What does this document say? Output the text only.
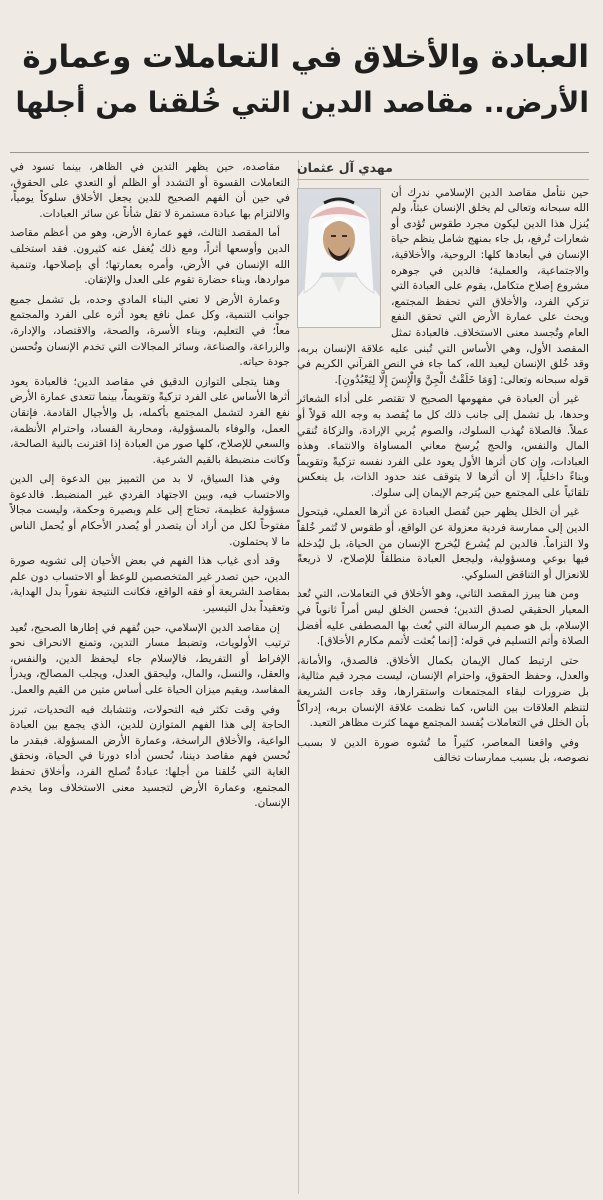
العبادة والأخلاق في التعاملات وعمارة
الأرض.. مقاصد الدين التي خُلقنا من أجلها
مهدي آل عثمان

حين نتأمل مقاصد الدين الإسلامي ندرك أن الله سبحانه وتعالى لم يخلق الإنسان عبثاً، ولم يُنزل هذا الدين ليكون مجرد طقوس تُؤدى أو شعارات تُرفع، بل جاء بمنهج شامل ينظم حياة الإنسان في أبعادها كلها: الروحية، والأخلاقية، والاجتماعية، والعملية؛ فالدين في جوهره مشروع إصلاح متكامل، يقوم على العبادة التي تزكي الفرد، والأخلاق التي تحفظ المجتمع، ويحث على عمارة الأرض التي تحقق النفع العام وتُجسد معنى الاستخلاف. فالعبادة تمثل المقصد الأول، وهي الأساس التي تُبنى عليه علاقة الإنسان بربه، وقد خُلق الإنسان ليعبد الله، كما جاء في النص القرآني الكريم في قوله سبحانه وتعالى: [وَمَا خَلَقْتُ الْجِنَّ وَالْإِنسَ إِلَّا لِيَعْبُدُونِ].

غير أن العبادة في مفهومها الصحيح لا تقتصر على أداء الشعائر وحدها، بل تشمل إلى جانب ذلك كل ما يُقصد به وجه الله قولاً أو عملاً. فالصلاة تُهذب السلوك، والصوم يُربي الإرادة، والزكاة تُنقي المال والنفس، والحج يُرسخ معاني المساواة والانتماء. وهذه العبادات، وإن كان أثرها الأول يعود على الفرد نفسه تزكيةً وتقويماً وبناءً داخلياً، إلا أن أثرها لا يتوقف عند حدود الذات، بل ينعكس تلقائياً على المجتمع حين يُترجم الإيمان إلى سلوك.

غير أن الخلل يظهر حين تُفصل العبادة عن أثرها العملي، فيتحول الدين إلى ممارسة فردية معزولة عن الواقع، أو طقوس لا تُثمر خُلقاً ولا التزاماً. فالدين لم يُشرع ليُخرج الإنسان من الحياة، بل ليُدخله فيها بوعي ومسؤولية، وليجعل العبادة منطلقاً للإصلاح، لا ذريعةً للانعزال أو التناقض السلوكي.

ومن هنا يبرز المقصد الثاني، وهو الأخلاق في التعاملات، التي تُعد المعيار الحقيقي لصدق التدين؛ فحسن الخلق ليس أمراً ثانوياً في الإسلام، بل هو صميم الرسالة التي بُعث بها المصطفى عليه أفضل الصلاة وأتم التسليم في قوله: [إنما بُعثت لأتمم مكارم الأخلاق].

حتى ارتبط كمال الإيمان بكمال الأخلاق. فالصدق، والأمانة، والعدل، وحفظ الحقوق، واحترام الإنسان، ليست مجرد قيم مثالية، بل ضرورات لبقاء المجتمعات واستقرارها، وقد جاءت الشريعة لتنظم العلاقات بين الناس، كما نظمت علاقة الإنسان بربه، إدراكاً بأن الخلل في التعاملات يُفسد المجتمع مهما كثرت مظاهر التعبد.

وفي واقعنا المعاصر، كثيراً ما تُشوه صورة الدين لا بسبب نصوصه، بل بسبب ممارسات تخالف

مقاصده، حين يظهر التدين في الظاهر، بينما تسود في التعاملات القسوة أو التشدد أو الظلم أو التعدي على الحقوق، في حين أن الفهم الصحيح للدين يجعل الأخلاق سلوكاً يومياً، والالتزام بها عبادة مستمرة لا تقل شأناً عن سائر العبادات.

أما المقصد الثالث، فهو عمارة الأرض، وهو من أعظم مقاصد الدين وأوسعها أثراً، ومع ذلك يُغفل عنه كثيرون. فقد استخلف الله الإنسان في الأرض، وأمره بعمارتها؛ أي بإصلاحها، وتنمية مواردها، وبناء حضارة تقوم على العدل والإتقان.

وعمارة الأرض لا تعني البناء المادي وحده، بل تشمل جميع جوانب التنمية، وكل عمل نافع يعود أثره على الفرد والمجتمع معاً؛ في التعليم، وبناء الأسرة، والصحة، والاقتصاد، والإدارة، والزراعة، والصناعة، وسائر المجالات التي تخدم الإنسان وتُحسن جودة حياته.

وهنا يتجلى التوازن الدقيق في مقاصد الدين؛ فالعبادة يعود أثرها الأساس على الفرد تزكيةً وتقويماً، بينما تتعدى عمارة الأرض نفع الفرد لتشمل المجتمع بأكمله، بل والأجيال القادمة. فإتقان العمل، والوفاء بالمسؤولية، ومحاربة الفساد، واحترام الأنظمة، والسعي للإصلاح، كلها صور من العبادة إذا اقترنت بالنية الصالحة، وكانت منضبطة بالقيم الشرعية.

وفي هذا السياق، لا بد من التمييز بين الدعوة إلى الدين والاحتساب فيه، وبين الاجتهاد الفردي غير المنضبط. فالدعوة مسؤولية عظيمة، تحتاج إلى علم وبصيرة وحكمة، وليست مجالاً مفتوحاً لكل من أراد أن يتصدر أو يُصدر الأحكام أو يُحمل الناس ما لا يحتملون.

وقد أدى غياب هذا الفهم في بعض الأحيان إلى تشويه صورة الدين، حين تصدر غير المتخصصين للوعظ أو الاحتساب دون علم بمقاصد الشريعة أو فقه الواقع، فكانت النتيجة نفوراً بدل الهداية، وتعقيداً بدل التيسير.

إن مقاصد الدين الإسلامي، حين تُفهم في إطارها الصحيح، تُعيد ترتيب الأولويات، وتضبط مسار التدين، وتمنع الانحراف نحو الإفراط أو التفريط، فالإسلام جاء ليحفظ الدين، والنفس، والعقل، والنسل، والمال، وليحقق العدل، ويجلب المصالح، ويدرأ المفاسد، ويقيم ميزان الحياة على أساس متين من القيم والعمل.

وفي وقت تكثر فيه التحولات، وتتشابك فيه التحديات، تبرز الحاجة إلى هذا الفهم المتوازن للدين، الذي يجمع بين العبادة الواعية، والأخلاق الراسخة، وعمارة الأرض المسؤولة. فبقدر ما نُحسن فهم مقاصد ديننا، نُحسن أداء دورنا في الحياة، ونحقق الغاية التي خُلقنا من أجلها: عبادةٌ تُصلح الفرد، وأخلاق تحفظ المجتمع، وعمارة الأرض لتجسيد معنى الاستخلاف وما يخدم الإنسان.
